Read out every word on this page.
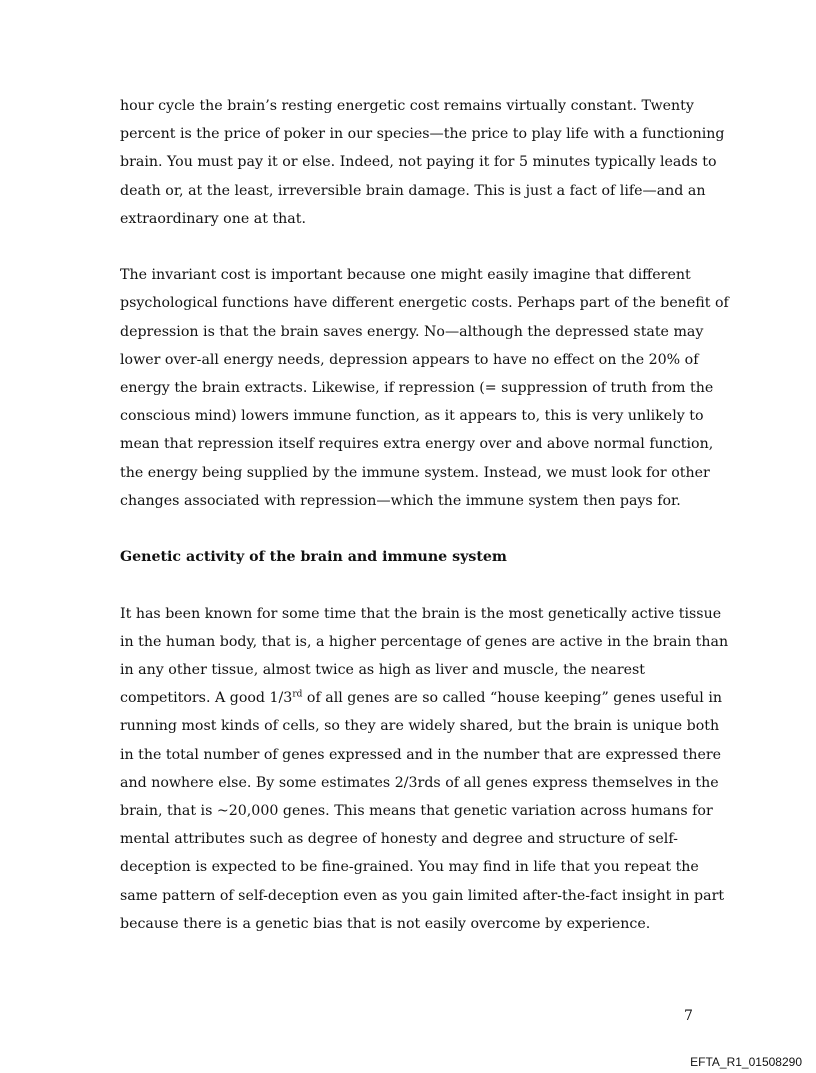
hour cycle the brain’s resting energetic cost remains virtually constant. Twenty
percent is the price of poker in our species—the price to play life with a functioning
brain. You must pay it or else. Indeed, not paying it for 5 minutes typically leads to
death or, at the least, irreversible brain damage. This is just a fact of life—and an
extraordinary one at that.

The invariant cost is important because one might easily imagine that different
psychological functions have different energetic costs. Perhaps part of the benefit of
depression is that the brain saves energy. No—although the depressed state may
lower over-all energy needs, depression appears to have no effect on the 20% of
energy the brain extracts. Likewise, if repression (= suppression of truth from the
conscious mind) lowers immune function, as it appears to, this is very unlikely to
mean that repression itself requires extra energy over and above normal function,
the energy being supplied by the immune system. Instead, we must look for other
changes associated with repression—which the immune system then pays for.

Genetic activity of the brain and immune system

It has been known for some time that the brain is the most genetically active tissue
in the human body, that is, a higher percentage of genes are active in the brain than
in any other tissue, almost twice as high as liver and muscle, the nearest
competitors. A good 1/3rd of all genes are so called “house keeping” genes useful in
running most kinds of cells, so they are widely shared, but the brain is unique both
in the total number of genes expressed and in the number that are expressed there
and nowhere else. By some estimates 2/3rds of all genes express themselves in the
brain, that is ~20,000 genes. This means that genetic variation across humans for
mental attributes such as degree of honesty and degree and structure of self-
deception is expected to be fine-grained. You may find in life that you repeat the
same pattern of self-deception even as you gain limited after-the-fact insight in part
because there is a genetic bias that is not easily overcome by experience.

7
EFTA_R1_01508290
